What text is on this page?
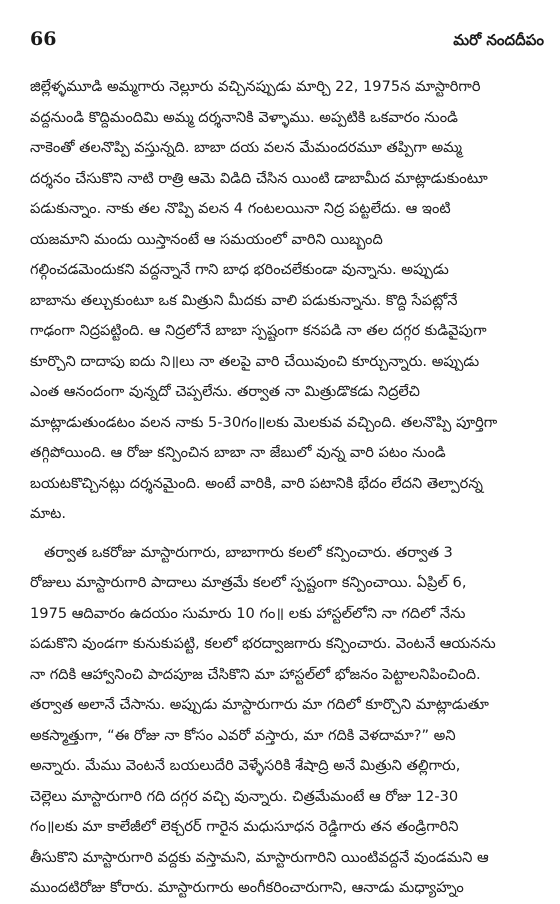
66	మరో నందదీపం

జిల్లేళ్ళమూడి అమ్మగారు నెల్లూరు వచ్చినప్పుడు మార్చి 22, 1975న మాస్టారిగారి

వద్దనుండి కొద్దిమందిమి అమ్మ దర్శనానికి వెళ్ళాము. అప్పటికి ఒకవారం నుండి

నాకెంతో తలనొప్పి వస్తున్నది. బాబా దయ వలన మేమందరమూ తప్పిగా అమ్మ

దర్శనం చేసుకొని నాటి రాత్రి ఆమె విడిది చేసిన యింటి డాబామీద మాట్లాడుకుంటూ

పడుకున్నాం. నాకు తల నొప్పి వలన 4 గంటలయినా నిద్ర పట్టలేదు. ఆ ఇంటి

యజమాని మందు యిస్తానంటే ఆ సమయంలో వారిని యిబ్బంది

గల్గించడమెందుకని వద్దన్నానే గాని బాధ భరించలేకుండా వున్నాను. అప్పుడు

బాబాను తల్చుకుంటూ ఒక మిత్రుని మీదకు వాలి పడుకున్నాను. కొద్ది సేపట్లోనే

గాఢంగా నిద్రపట్టింది. ఆ నిద్రలోనే బాబా స్పష్టంగా కనపడి నా తల దగ్గర కుడివైపుగా

కూర్చొని దాదాపు ఐదు ని॥లు నా తలపై వారి చేయివుంచి కూర్చున్నారు. అప్పుడు

ఎంత ఆనందంగా వున్నదో చెప్పలేను. తర్వాత నా మిత్రుడొకడు నిద్రలేచి

మాట్లాడుతుండటం వలన నాకు 5-30గం॥లకు మెలకువ వచ్చింది. తలనొప్పి పూర్తిగా

తగ్గిపోయింది. ఆ రోజు కన్పించిన బాబా నా జేబులో వున్న వారి పటం నుండి

బయటకొచ్చినట్లు దర్శనమైంది. అంటే వారికి, వారి పటానికి భేదం లేదని తెల్పారన్న

మాట.

తర్వాత ఒకరోజు మాస్టారుగారు, బాబాగారు కలలో కన్పించారు. తర్వాత 3

రోజులు మాస్టారుగారి పాదాలు మాత్రమే కలలో స్పష్టంగా కన్పించాయి. ఏప్రిల్ 6,

1975 ఆదివారం ఉదయం సుమారు 10 గం॥ లకు హాస్టల్‌లోని నా గదిలో నేను

పడుకొని వుండగా కునుకుపట్టి, కలలో భరద్వాజగారు కన్పించారు. వెంటనే ఆయనను

నా గదికి ఆహ్వానించి పాదపూజ చేసికొని మా హాస్టల్‌లో భోజనం పెట్టాలనిపించింది.

తర్వాత అలానే చేసాను. అప్పుడు మాస్టారుగారు మా గదిలో కూర్చొని మాట్లాడుతూ

అకస్మాత్తుగా, “ఈ రోజు నా కోసం ఎవరో వస్తారు, మా గదికి వెళదామా?” అని

అన్నారు. మేము వెంటనే బయలుదేరి వెళ్ళేసరికి శేషాద్రి అనే మిత్రుని తల్లిగారు,

చెల్లెలు మాస్టారుగారి గది దగ్గర వచ్చి వున్నారు. చిత్రమేమంటే ఆ రోజు 12-30

గం॥లకు మా కాలేజీలో లెక్చరర్ గారైన మధుసూధన రెడ్డిగారు తన తండ్రిగారిని

తీసుకొని మాస్టారుగారి వద్దకు వస్తామని, మాస్టారుగారిని యింటివద్దనే వుండమని ఆ

ముందటిరోజు కోరారు. మాస్టారుగారు అంగీకరించారుగాని, ఆనాడు మధ్యాహ్నం
